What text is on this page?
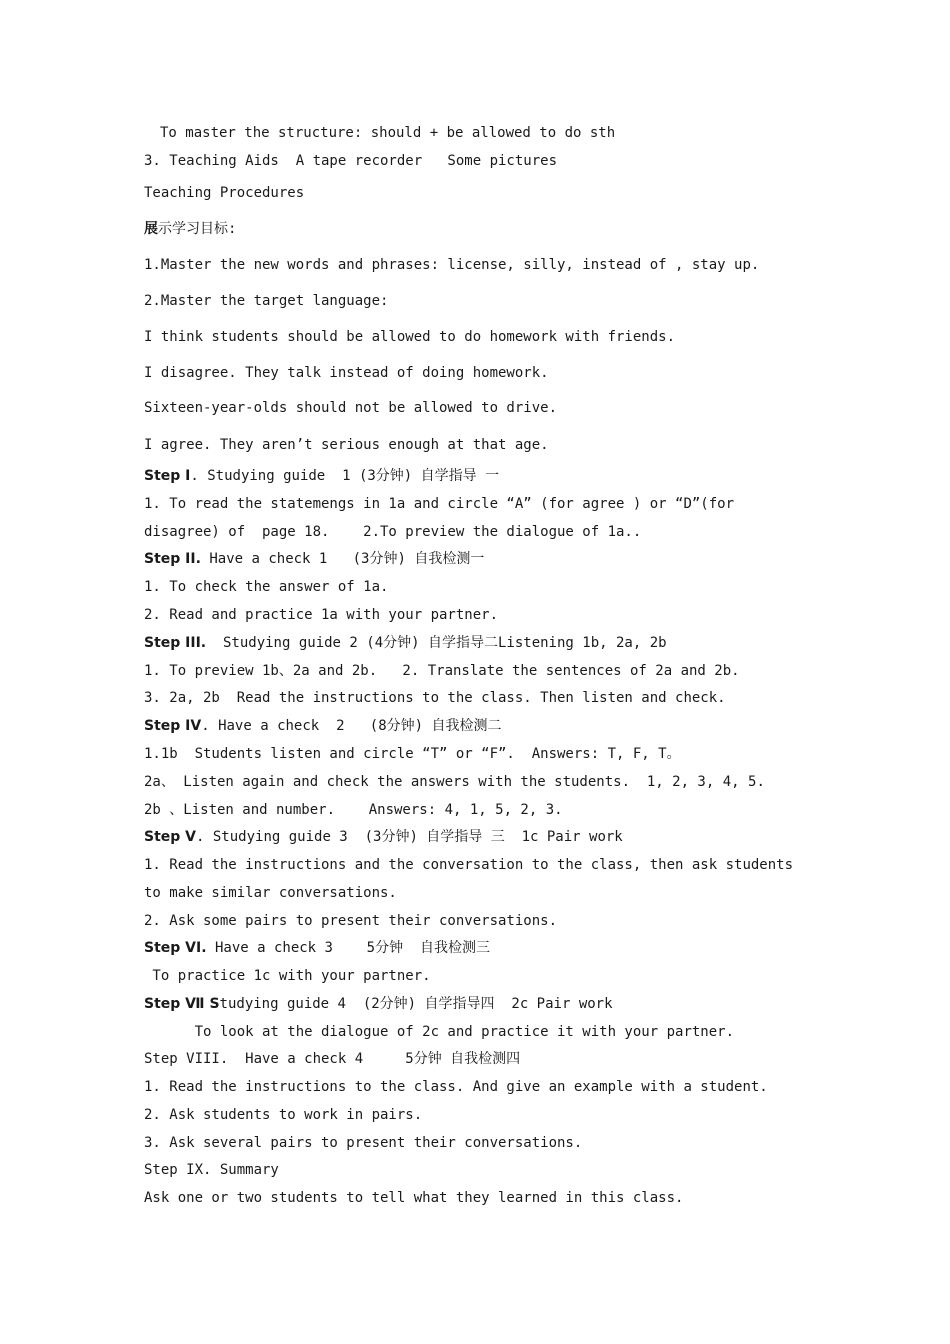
To master the structure: should + be allowed to do sth
3. Teaching Aids  A tape recorder   Some pictures
Teaching Procedures
展示学习目标:
1.Master the new words and phrases: license, silly, instead of , stay up.
2.Master the target language:
I think students should be allowed to do homework with friends.
I disagree. They talk instead of doing homework.
Sixteen-year-olds should not be allowed to drive.
I agree. They aren’t serious enough at that age.
Step I. Studying guide  1 (3分钟) 自学指导 一
1. To read the statemengs in 1a and circle “A” (for agree ) or “D”(for
disagree) of  page 18.    2.To preview the dialogue of 1a..
Step II. Have a check 1   (3分钟) 自我检测一
1. To check the answer of 1a.
2. Read and practice 1a with your partner.
Step III.  Studying guide 2 (4分钟) 自学指导二Listening 1b, 2a, 2b
1. To preview 1b、2a and 2b.   2. Translate the sentences of 2a and 2b.
3. 2a, 2b  Read the instructions to the class. Then listen and check.
Step IV. Have a check  2   (8分钟) 自我检测二
1.1b  Students listen and circle “T” or “F”.  Answers: T, F, T。
2a、 Listen again and check the answers with the students.  1, 2, 3, 4, 5.
2b 、Listen and number.    Answers: 4, 1, 5, 2, 3.
Step V. Studying guide 3  (3分钟) 自学指导 三  1c Pair work
1. Read the instructions and the conversation to the class, then ask students
to make similar conversations.
2. Ask some pairs to present their conversations.
Step VI. Have a check 3    5分钟  自我检测三
To practice 1c with your partner.
Step Ⅶ Studying guide 4  (2分钟) 自学指导四  2c Pair work
To look at the dialogue of 2c and practice it with your partner.
Step VIII.  Have a check 4     5分钟 自我检测四
1. Read the instructions to the class. And give an example with a student.
2. Ask students to work in pairs.
3. Ask several pairs to present their conversations.
Step IX. Summary
Ask one or two students to tell what they learned in this class.
